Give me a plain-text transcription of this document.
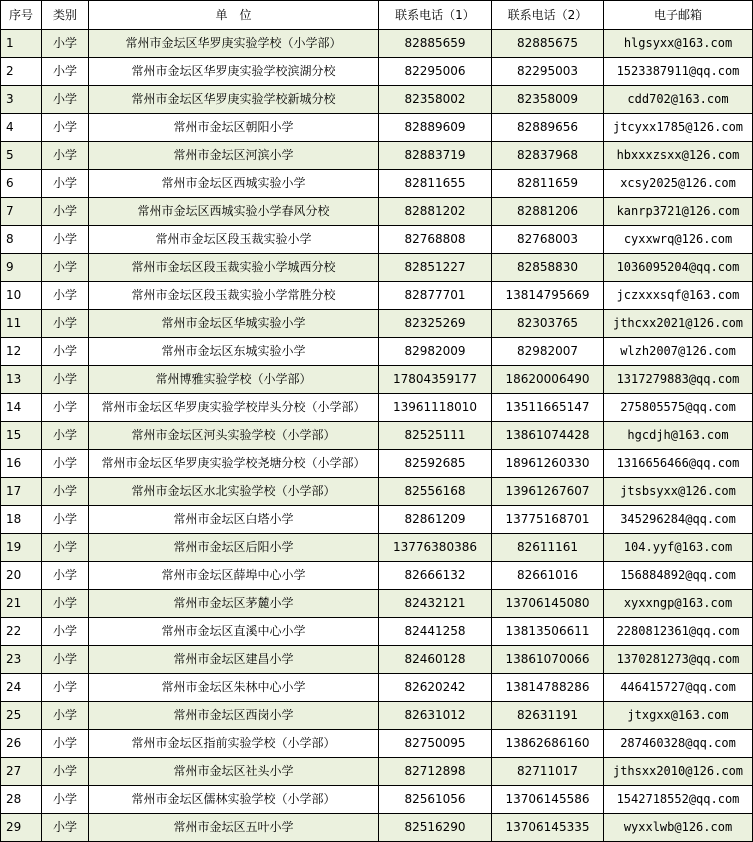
序号	类别	单　位	联系电话（1）	联系电话（2）	电子邮箱
1	小学	常州市金坛区华罗庚实验学校（小学部）	82885659	82885675	hlgsyxx@163.com
2	小学	常州市金坛区华罗庚实验学校滨湖分校	82295006	82295003	1523387911@qq.com
3	小学	常州市金坛区华罗庚实验学校新城分校	82358002	82358009	cdd702@163.com
4	小学	常州市金坛区朝阳小学	82889609	82889656	jtcyxx1785@126.com
5	小学	常州市金坛区河滨小学	82883719	82837968	hbxxxzsxx@126.com
6	小学	常州市金坛区西城实验小学	82811655	82811659	xcsy2025@126.com
7	小学	常州市金坛区西城实验小学春风分校	82881202	82881206	kanrp3721@126.com
8	小学	常州市金坛区段玉裁实验小学	82768808	82768003	cyxxwrq@126.com
9	小学	常州市金坛区段玉裁实验小学城西分校	82851227	82858830	1036095204@qq.com
10	小学	常州市金坛区段玉裁实验小学常胜分校	82877701	13814795669	jczxxxsqf@163.com
11	小学	常州市金坛区华城实验小学	82325269	82303765	jthcxx2021@126.com
12	小学	常州市金坛区东城实验小学	82982009	82982007	wlzh2007@126.com
13	小学	常州博雅实验学校（小学部）	17804359177	18620006490	1317279883@qq.com
14	小学	常州市金坛区华罗庚实验学校岸头分校（小学部）	13961118010	13511665147	275805575@qq.com
15	小学	常州市金坛区河头实验学校（小学部）	82525111	13861074428	hgcdjh@163.com
16	小学	常州市金坛区华罗庚实验学校尧塘分校（小学部）	82592685	18961260330	1316656466@qq.com
17	小学	常州市金坛区水北实验学校（小学部）	82556168	13961267607	jtsbsyxx@126.com
18	小学	常州市金坛区白塔小学	82861209	13775168701	345296284@qq.com
19	小学	常州市金坛区后阳小学	13776380386	82611161	104.yyf@163.com
20	小学	常州市金坛区薛埠中心小学	82666132	82661016	156884892@qq.com
21	小学	常州市金坛区茅麓小学	82432121	13706145080	xyxxngp@163.com
22	小学	常州市金坛区直溪中心小学	82441258	13813506611	2280812361@qq.com
23	小学	常州市金坛区建昌小学	82460128	13861070066	1370281273@qq.com
24	小学	常州市金坛区朱林中心小学	82620242	13814788286	446415727@qq.com
25	小学	常州市金坛区西岗小学	82631012	82631191	jtxgxx@163.com
26	小学	常州市金坛区指前实验学校（小学部）	82750095	13862686160	287460328@qq.com
27	小学	常州市金坛区社头小学	82712898	82711017	jthsxx2010@126.com
28	小学	常州市金坛区儒林实验学校（小学部）	82561056	13706145586	1542718552@qq.com
29	小学	常州市金坛区五叶小学	82516290	13706145335	wyxxlwb@126.com
